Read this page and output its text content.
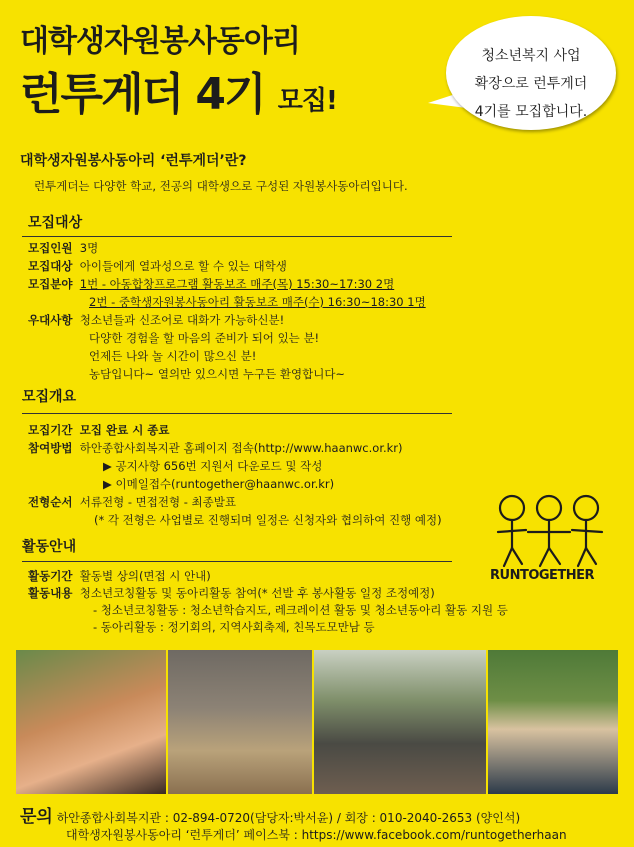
대학생자원봉사동아리
런투게더 4기 모집!
청소년복지 사업
확장으로 런투게더
4기를 모집합니다.
대학생자원봉사동아리 ‘런투게더’란?
런투게더는 다양한 학교, 전공의 대학생으로 구성된 자원봉사동아리입니다.
모집대상
모집인원 3명
모집대상 아이들에게 열과성으로 할 수 있는 대학생
모집분야 1번 - 아동합창프로그램 활동보조 매주(목) 15:30~17:30 2명
2번 - 중학생자원봉사동아리 활동보조 매주(수) 16:30~18:30 1명
우대사항 청소년들과 신조어로 대화가 가능하신분!
다양한 경험을 할 마음의 준비가 되어 있는 분!
언제든 나와 놀 시간이 많으신 분!
농담입니다~ 열의만 있으시면 누구든 환영합니다~
모집개요
모집기간 모집 완료 시 종료
참여방법 하안종합사회복지관 홈페이지 접속(http://www.haanwc.or.kr)
▶ 공지사항 656번 지원서 다운로드 및 작성
▶ 이메일접수(runtogether@haanwc.or.kr)
전형순서 서류전형 - 면접전형 - 최종발표
(* 각 전형은 사업별로 진행되며 일정은 신청자와 협의하여 진행 예정)
활동안내
활동기간 활동별 상의(면접 시 안내)
활동내용 청소년코칭활동 및 동아리활동 참여(* 선발 후 봉사활동 일정 조정예정)
- 청소년코칭활동 : 청소년학습지도, 레크레이션 활동 및 청소년동아리 활동 지원 등
- 동아리활동 : 정기회의, 지역사회축제, 친목도모만남 등
RUNTOGETHER
문의 하안종합사회복지관 : 02-894-0720(담당자:박서윤) / 회장 : 010-2040-2653 (양인석)
대학생자원봉사동아리 ‘런투게더’ 페이스북 : https://www.facebook.com/runtogetherhaan
